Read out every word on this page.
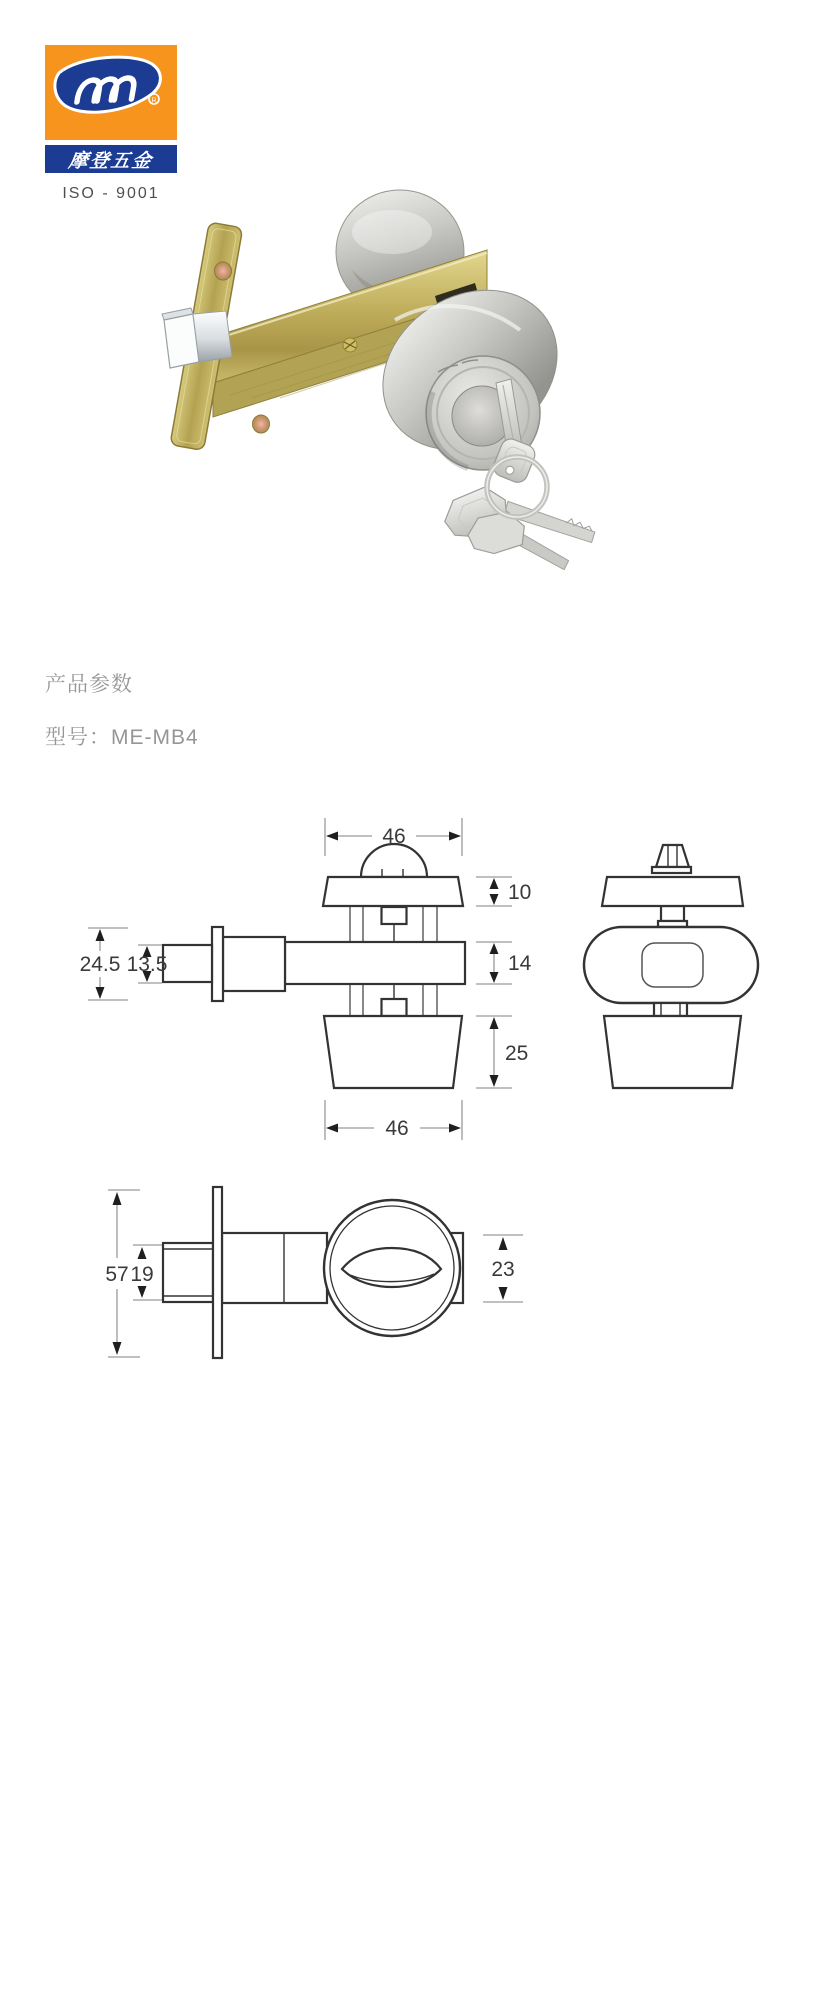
R
摩登五金
ISO - 9001
产品参数
型号：ME-MB4
46
24.5 13.5
10
14
25
46
57 19	23
